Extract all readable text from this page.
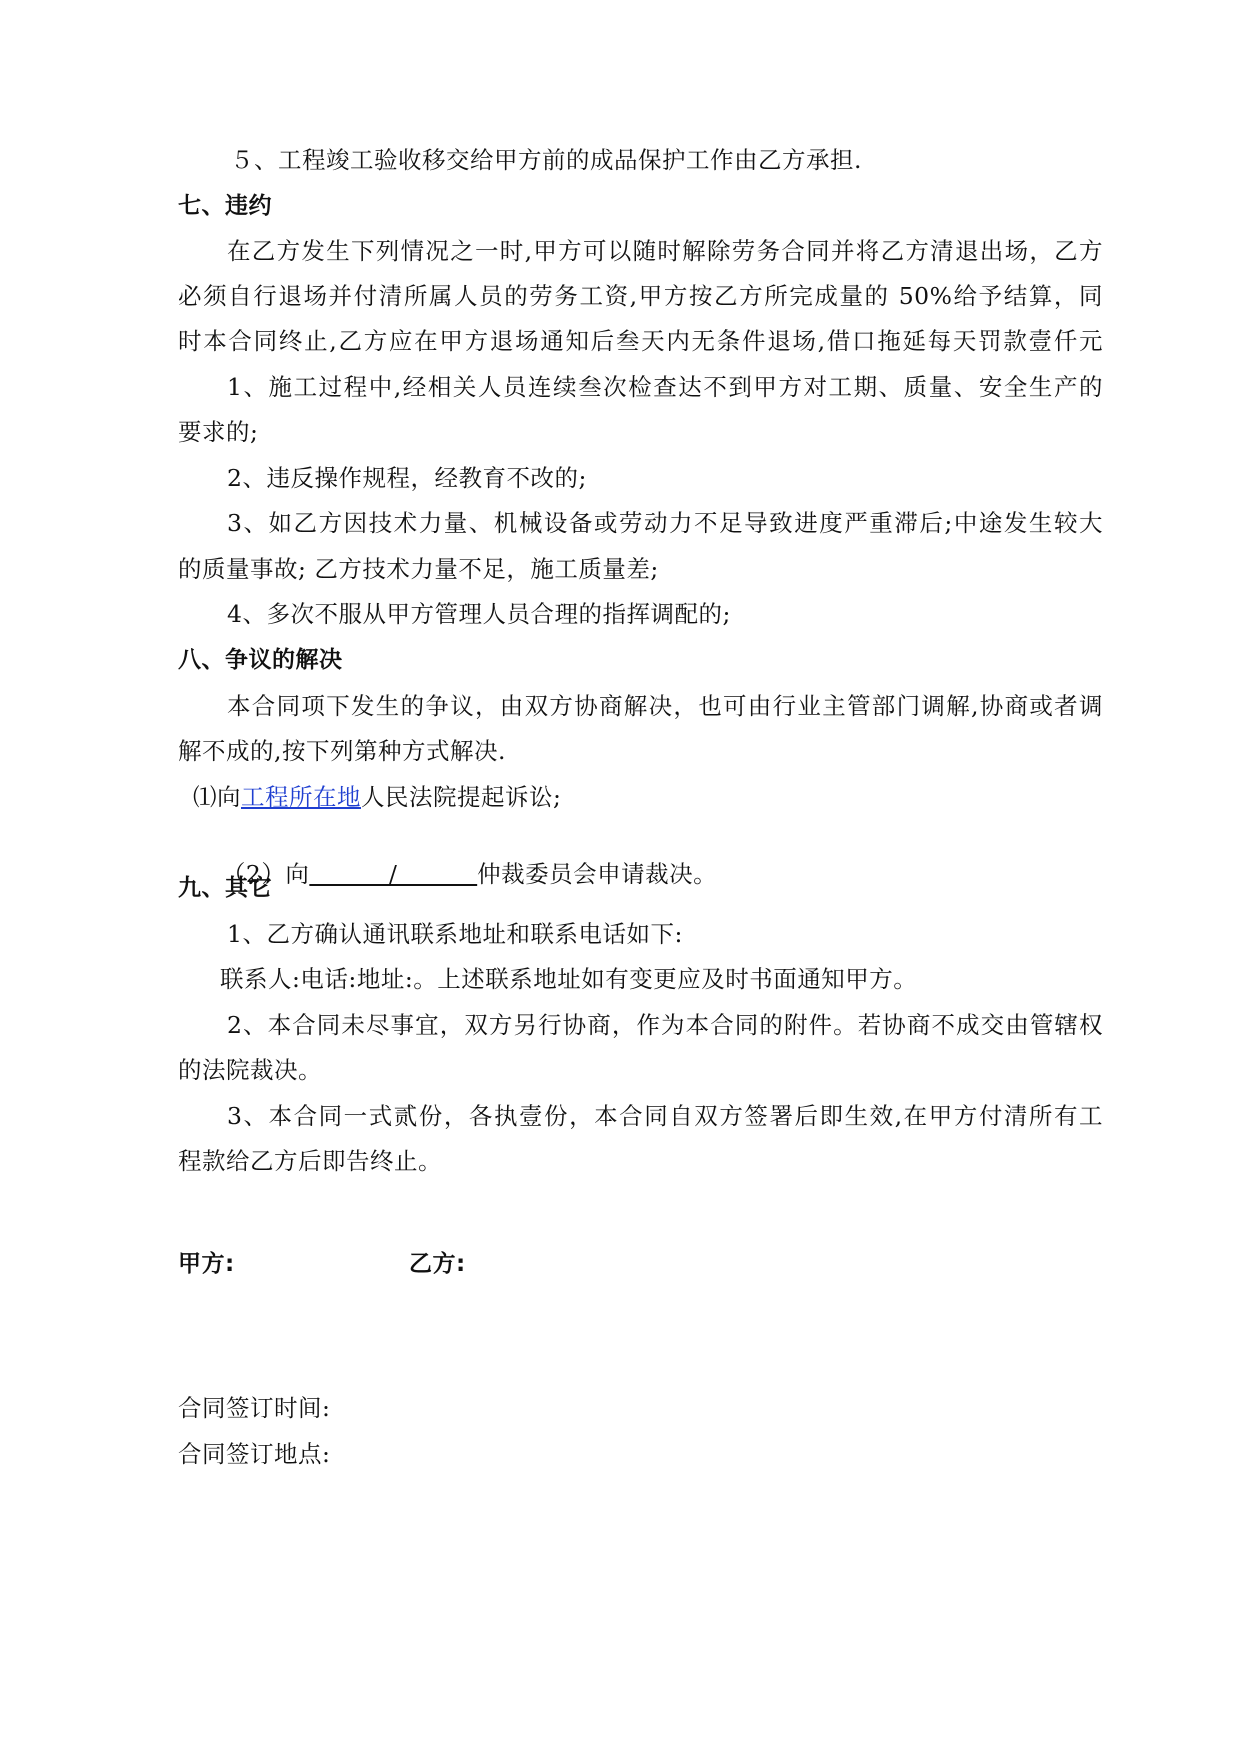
５、工程竣工验收移交给甲方前的成品保护工作由乙方承担.
七、违约
在乙方发生下列情况之一时,甲方可以随时解除劳务合同并将乙方清退出场，乙方
必须自行退场并付清所属人员的劳务工资,甲方按乙方所完成量的 50%给予结算，同
时本合同终止,乙方应在甲方退场通知后叁天内无条件退场,借口拖延每天罚款壹仟元
1、施工过程中,经相关人员连续叁次检查达不到甲方对工期、质量、安全生产的
要求的;
2、违反操作规程，经教育不改的;
3、如乙方因技术力量、机械设备或劳动力不足导致进度严重滞后;中途发生较大
的质量事故; 乙方技术力量不足，施工质量差;
4、多次不服从甲方管理人员合理的指挥调配的;
八、争议的解决
本合同项下发生的争议，由双方协商解决，也可由行业主管部门调解,协商或者调
解不成的,按下列第种方式解决.
⑴向工程所在地人民法院提起诉讼;

（2）向          /          仲裁委员会申请裁决。

九、其它
1、乙方确认通讯联系地址和联系电话如下:
联系人:电话:地址:。上述联系地址如有变更应及时书面通知甲方。
2、本合同未尽事宜，双方另行协商，作为本合同的附件。若协商不成交由管辖权
的法院裁决。
3、本合同一式贰份，各执壹份，本合同自双方签署后即生效,在甲方付清所有工
程款给乙方后即告终止。
甲方:	乙方:
合同签订时间:
合同签订地点:
